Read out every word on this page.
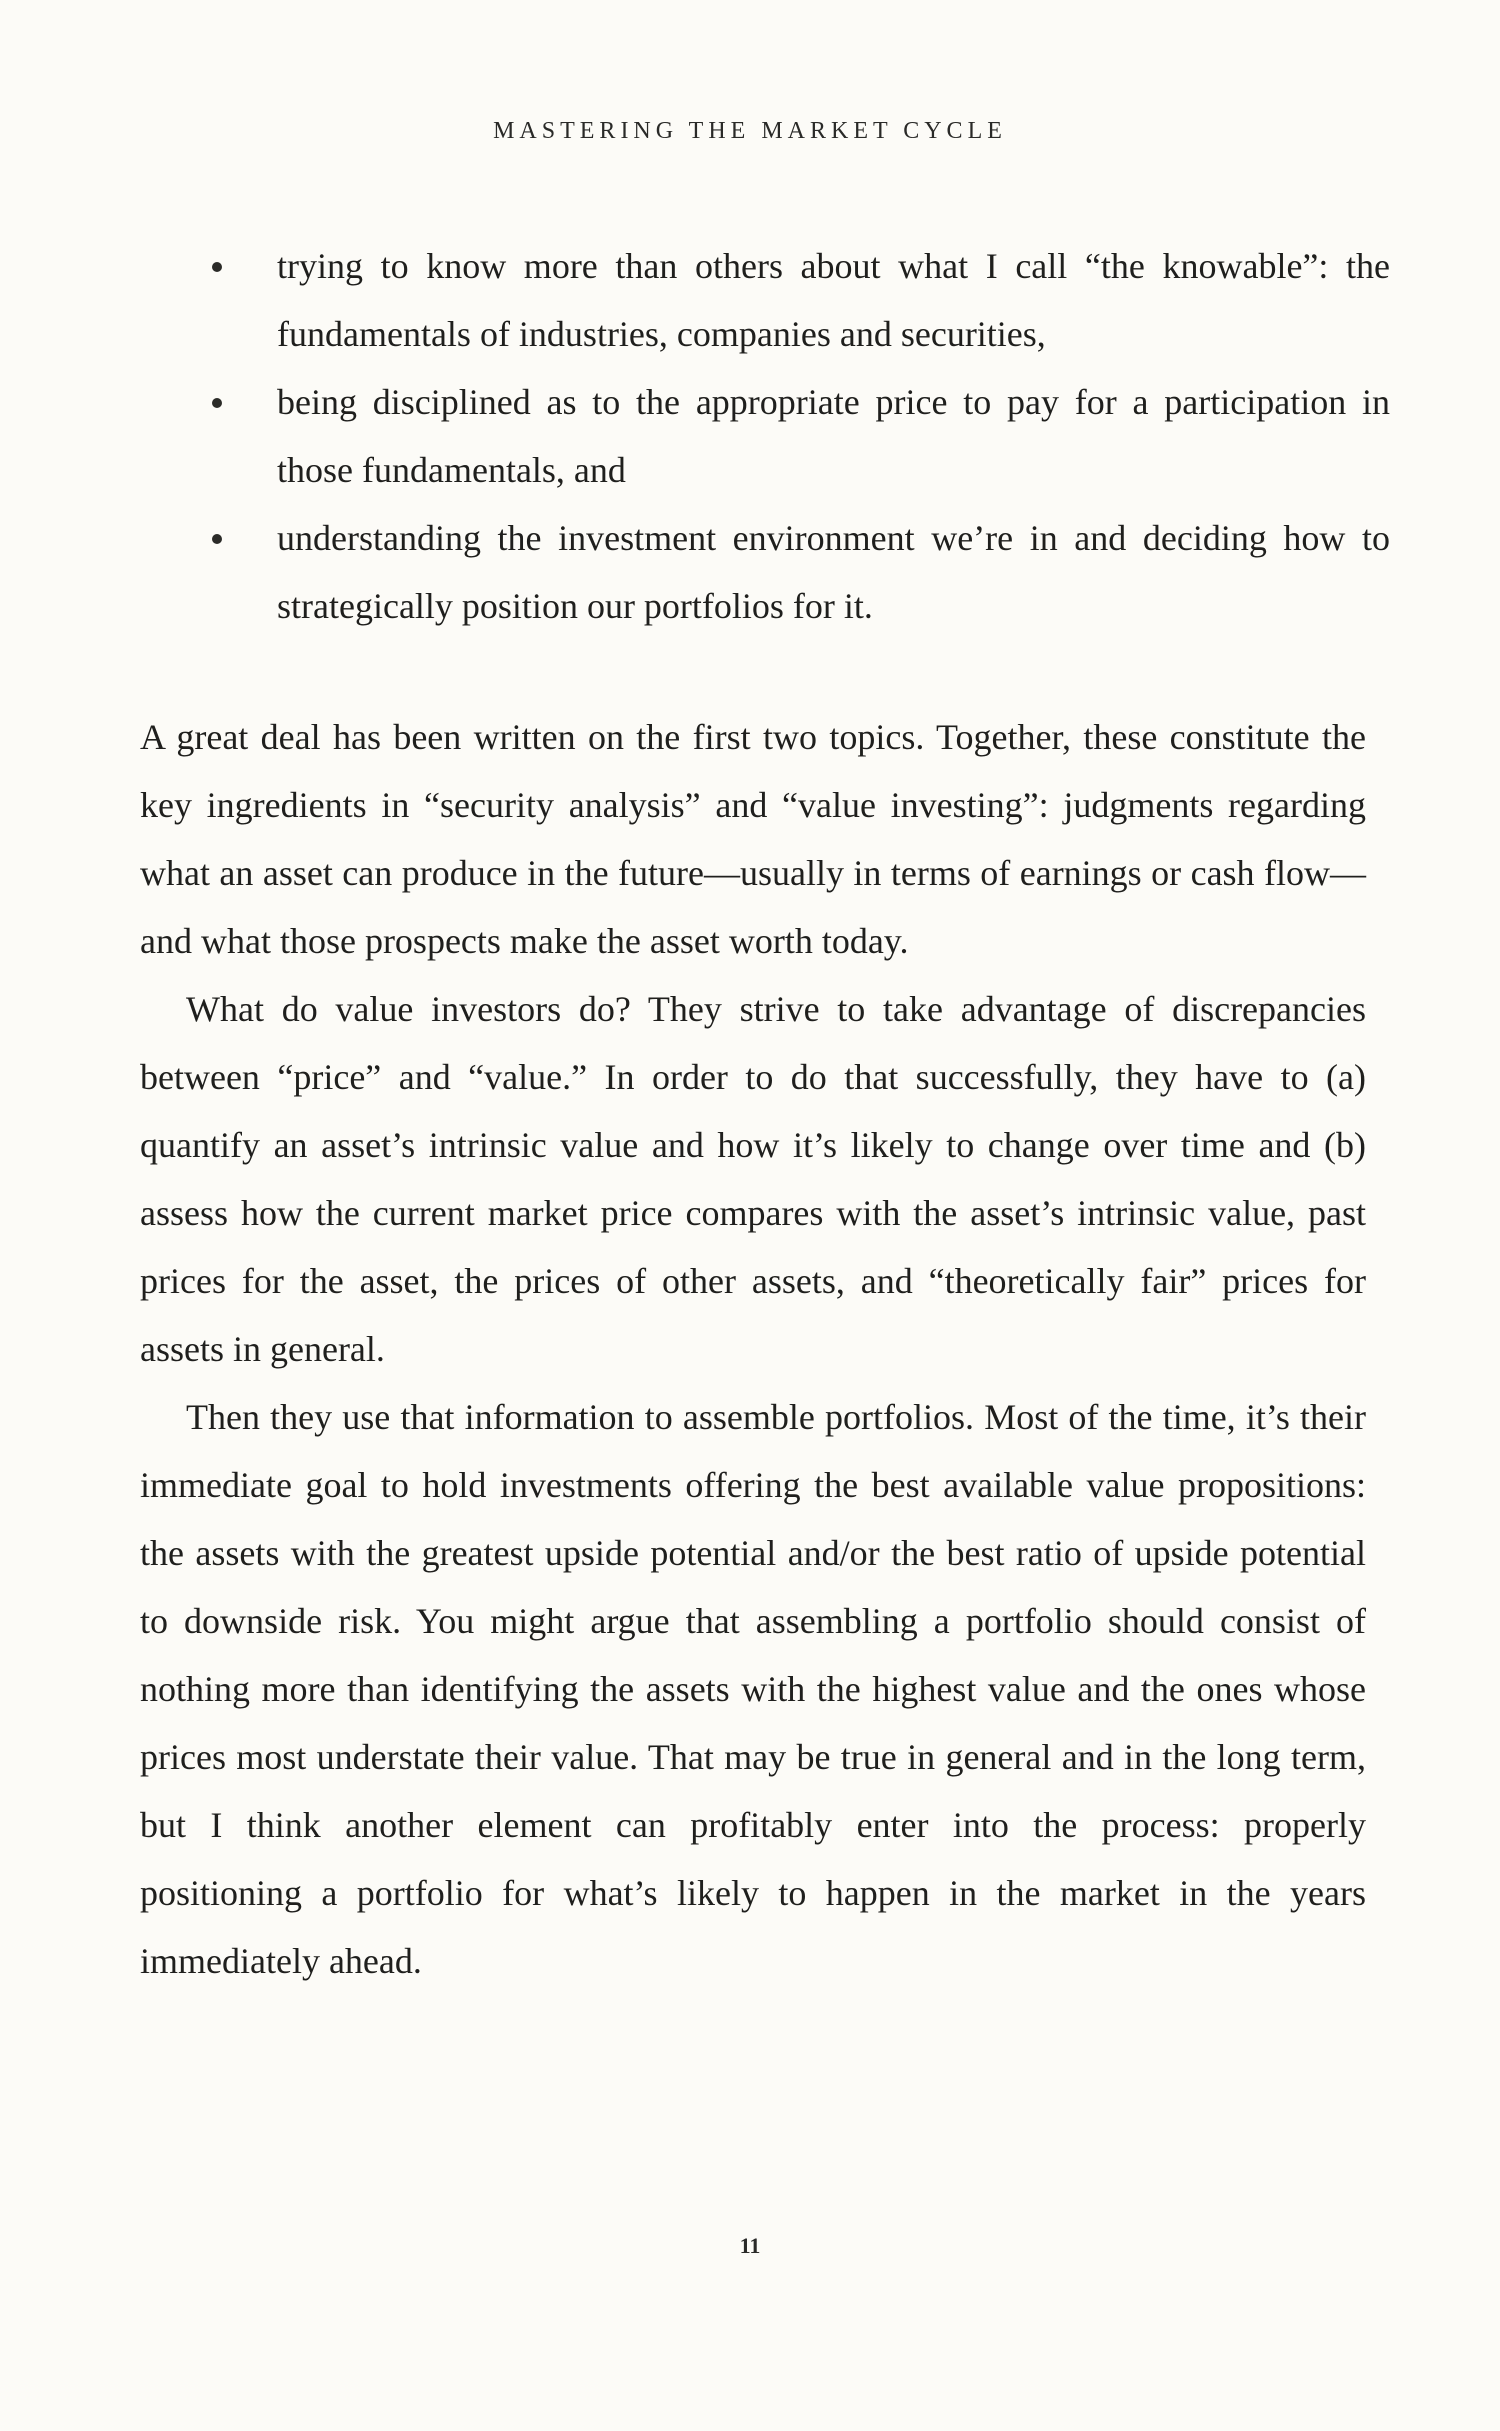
MASTERING THE MARKET CYCLE
trying to know more than others about what I call “the knowable”: the fundamentals of industries, companies and securities,
being disciplined as to the appropriate price to pay for a participation in those fundamentals, and
understanding the investment environment we’re in and deciding how to strategically position our portfolios for it.

A great deal has been written on the first two topics. Together, these constitute the key ingredients in “security analysis” and “value investing”: judgments regarding what an asset can produce in the future—usually in terms of earnings or cash flow—and what those prospects make the asset worth today.

What do value investors do? They strive to take advantage of discrepancies between “price” and “value.” In order to do that successfully, they have to (a) quantify an asset’s intrinsic value and how it’s likely to change over time and (b) assess how the current market price compares with the asset’s intrinsic value, past prices for the asset, the prices of other assets, and “theoretically fair” prices for assets in general.

Then they use that information to assemble portfolios. Most of the time, it’s their immediate goal to hold investments offering the best available value propositions: the assets with the greatest upside potential and/or the best ratio of upside potential to downside risk. You might argue that assembling a portfolio should consist of nothing more than identifying the assets with the highest value and the ones whose prices most understate their value. That may be true in general and in the long term, but I think another element can profitably enter into the process: properly positioning a portfolio for what’s likely to happen in the market in the years immediately ahead.

11
